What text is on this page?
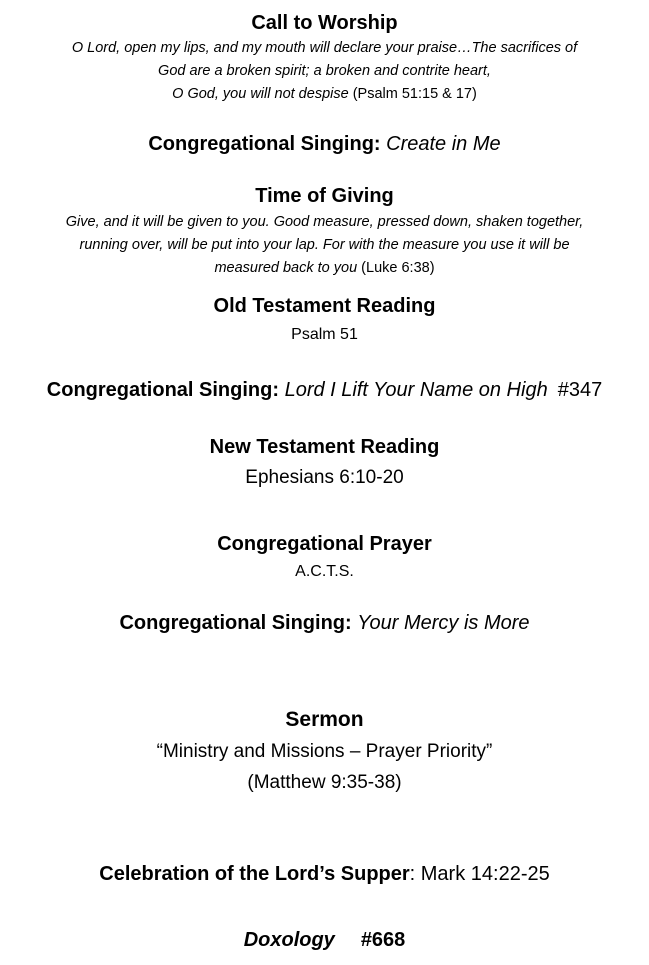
Call to Worship
O Lord, open my lips, and my mouth will declare your praise…The sacrifices of
God are a broken spirit; a broken and contrite heart,
O God, you will not despise (Psalm 51:15 & 17)
Congregational Singing: Create in Me
Time of Giving
Give, and it will be given to you. Good measure, pressed down, shaken together,
running over, will be put into your lap. For with the measure you use it will be
measured back to you (Luke 6:38)
Old Testament Reading
Psalm 51
Congregational Singing: Lord I Lift Your Name on High #347
New Testament Reading
Ephesians 6:10-20
Congregational Prayer
A.C.T.S.
Congregational Singing: Your Mercy is More
Sermon
“Ministry and Missions – Prayer Priority”
(Matthew 9:35-38)
Celebration of the Lord’s Supper: Mark 14:22-25
Doxology #668
